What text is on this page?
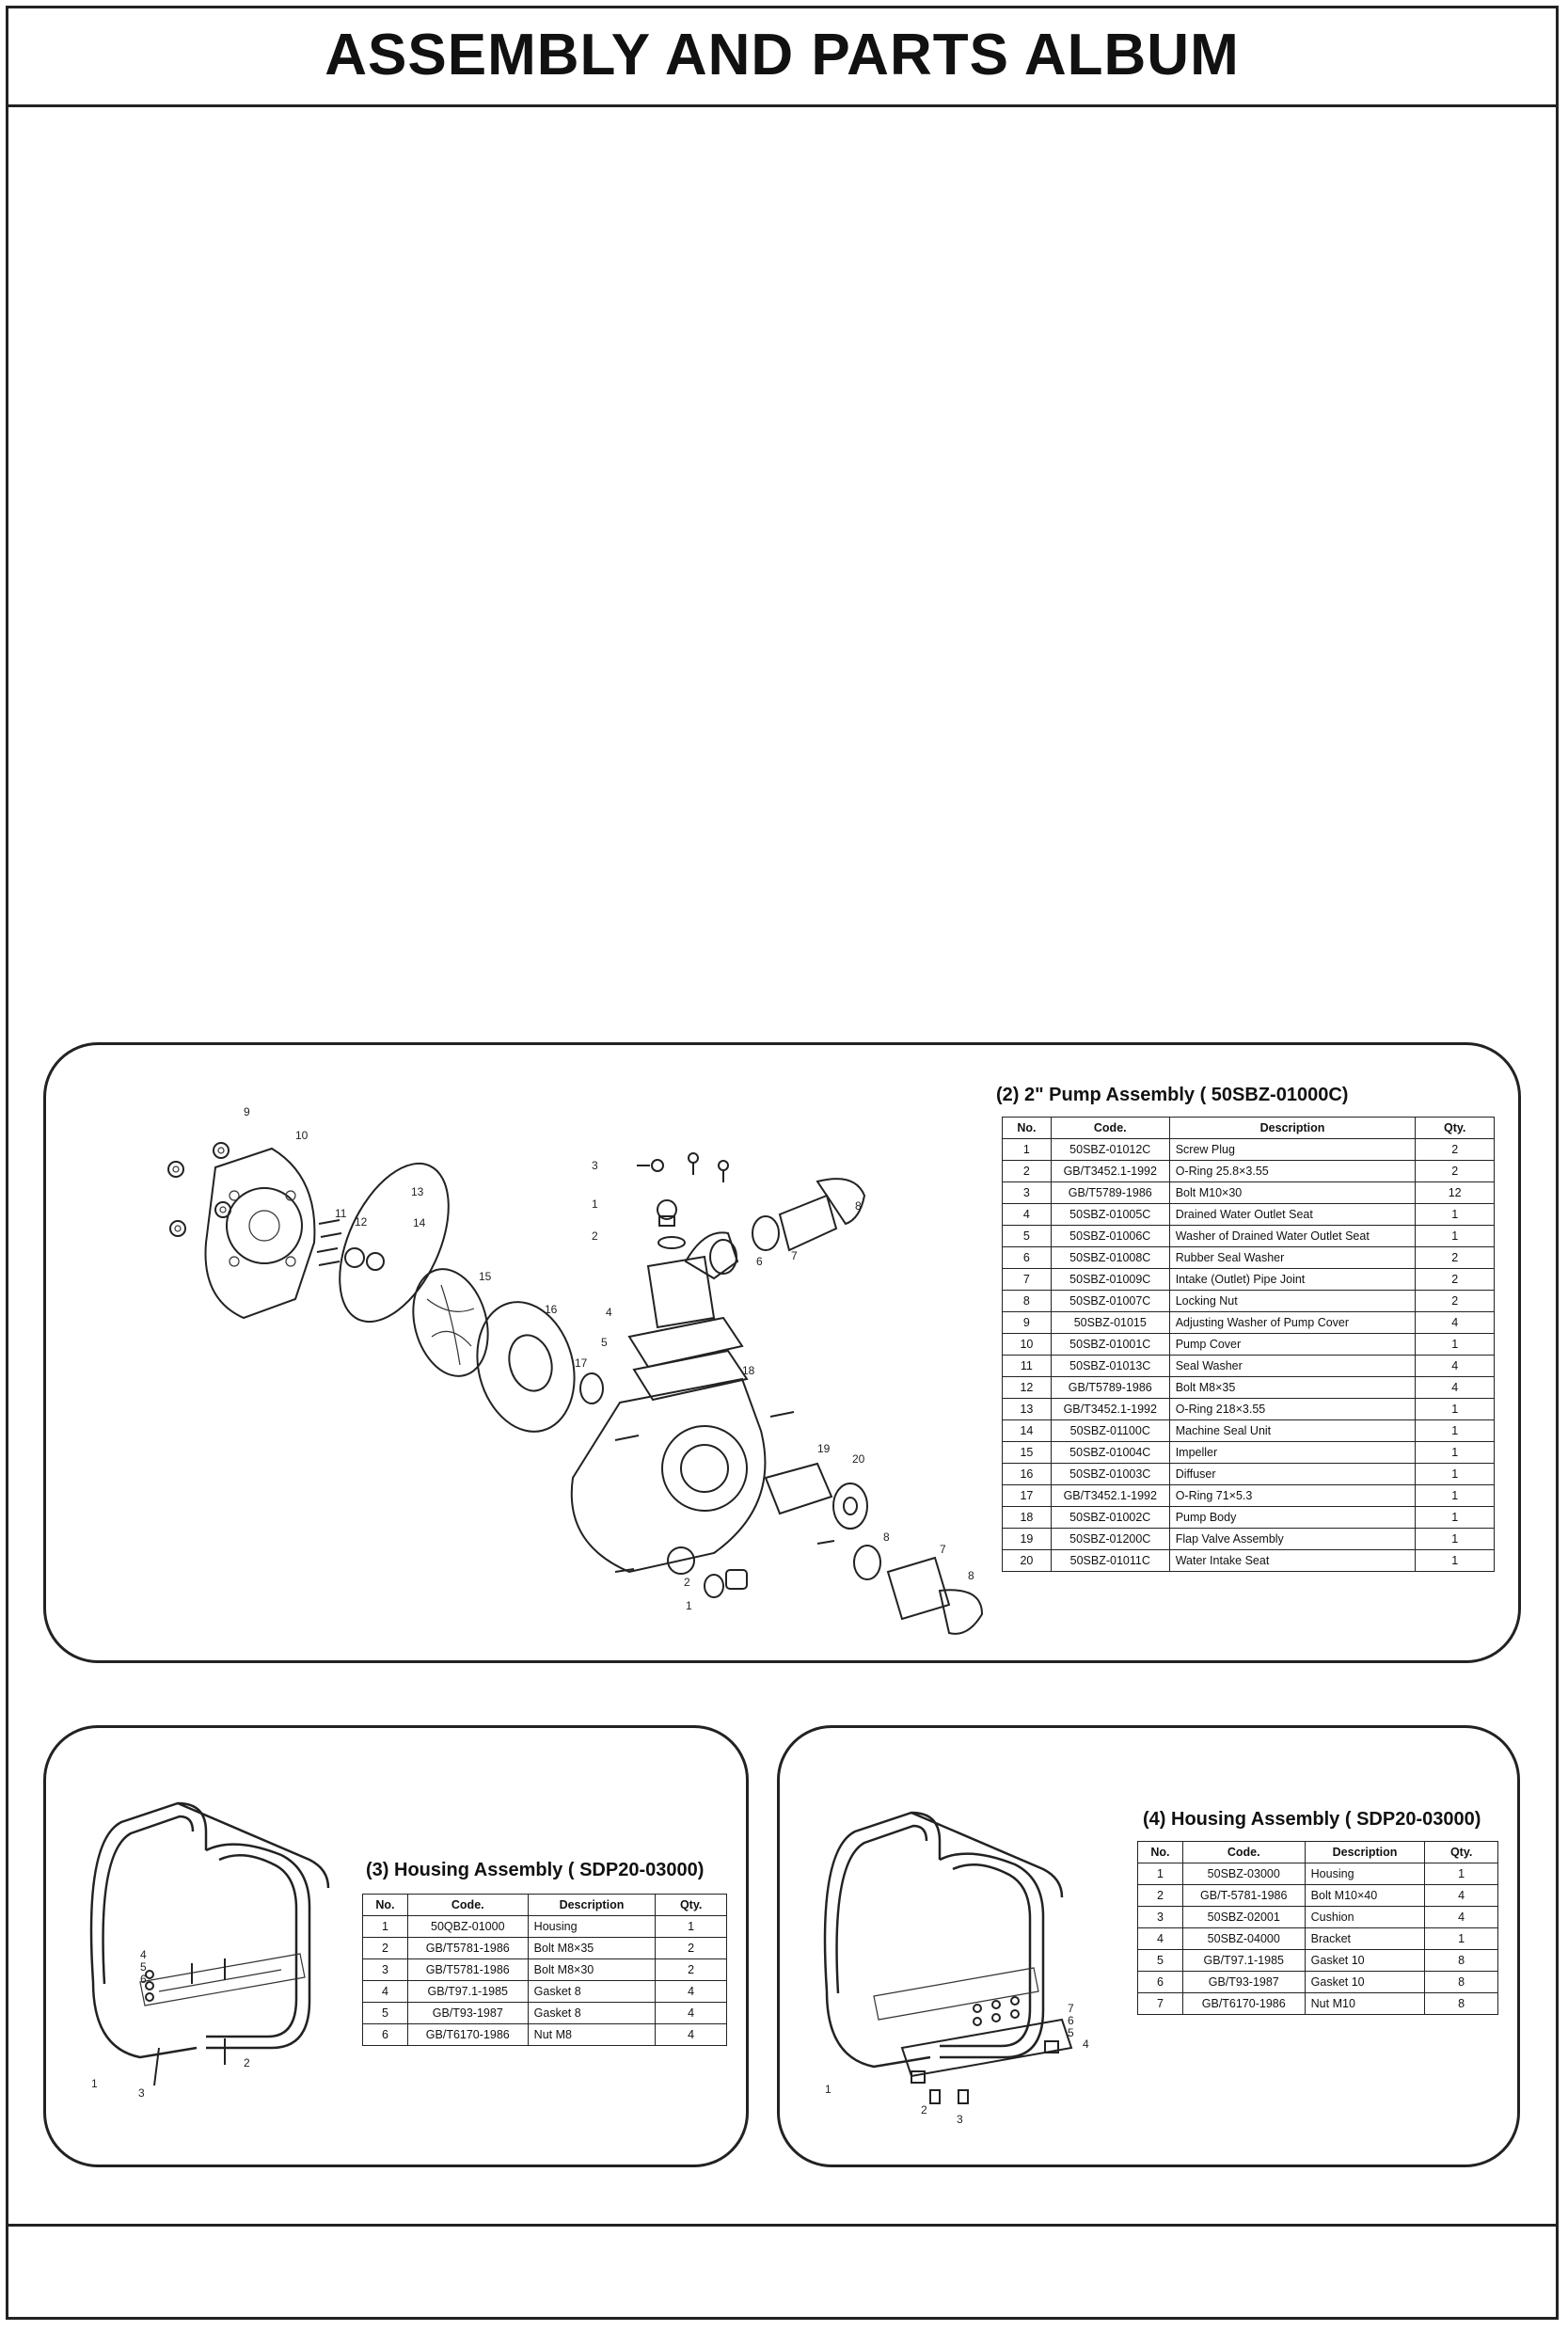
ASSEMBLY AND PARTS ALBUM
9
10
11
12
13
14
15
16
17
3
1
2
4
5
18
6	7
8
19
20
8
7
8
2
1
(2) 2" Pump Assembly ( 50SBZ-01000C)
No.	Code.	Description	Qty.
1	50SBZ-01012C	Screw Plug	2
2	GB/T3452.1-1992	O-Ring 25.8×3.55	2
3	GB/T5789-1986	Bolt M10×30	12
4	50SBZ-01005C	Drained Water Outlet Seat	1
5	50SBZ-01006C	Washer of Drained Water Outlet Seat	1
6	50SBZ-01008C	Rubber Seal Washer	2
7	50SBZ-01009C	Intake (Outlet) Pipe Joint	2
8	50SBZ-01007C	Locking Nut	2
9	50SBZ-01015	Adjusting Washer of Pump Cover	4
10	50SBZ-01001C	Pump Cover	1
11	50SBZ-01013C	Seal Washer	4
12	GB/T5789-1986	Bolt M8×35	4
13	GB/T3452.1-1992	O-Ring 218×3.55	1
14	50SBZ-01100C	Machine Seal Unit	1
15	50SBZ-01004C	Impeller	1
16	50SBZ-01003C	Diffuser	1
17	GB/T3452.1-1992	O-Ring 71×5.3	1
18	50SBZ-01002C	Pump Body	1
19	50SBZ-01200C	Flap Valve Assembly	1
20	50SBZ-01011C	Water Intake Seat	1
4
5
6
1
3
2
(3) Housing Assembly ( SDP20-03000)
No.	Code.	Description	Qty.
1	50QBZ-01000	Housing	1
2	GB/T5781-1986	Bolt M8×35	2
3	GB/T5781-1986	Bolt M8×30	2
4	GB/T97.1-1985	Gasket 8	4
5	GB/T93-1987	Gasket 8	4
6	GB/T6170-1986	Nut M8	4
7
6
5
4
1
2
3
(4) Housing Assembly ( SDP20-03000)
No.	Code.	Description	Qty.
1	50SBZ-03000	Housing	1
2	GB/T-5781-1986	Bolt M10×40	4
3	50SBZ-02001	Cushion	4
4	50SBZ-04000	Bracket	1
5	GB/T97.1-1985	Gasket 10	8
6	GB/T93-1987	Gasket 10	8
7	GB/T6170-1986	Nut M10	8
